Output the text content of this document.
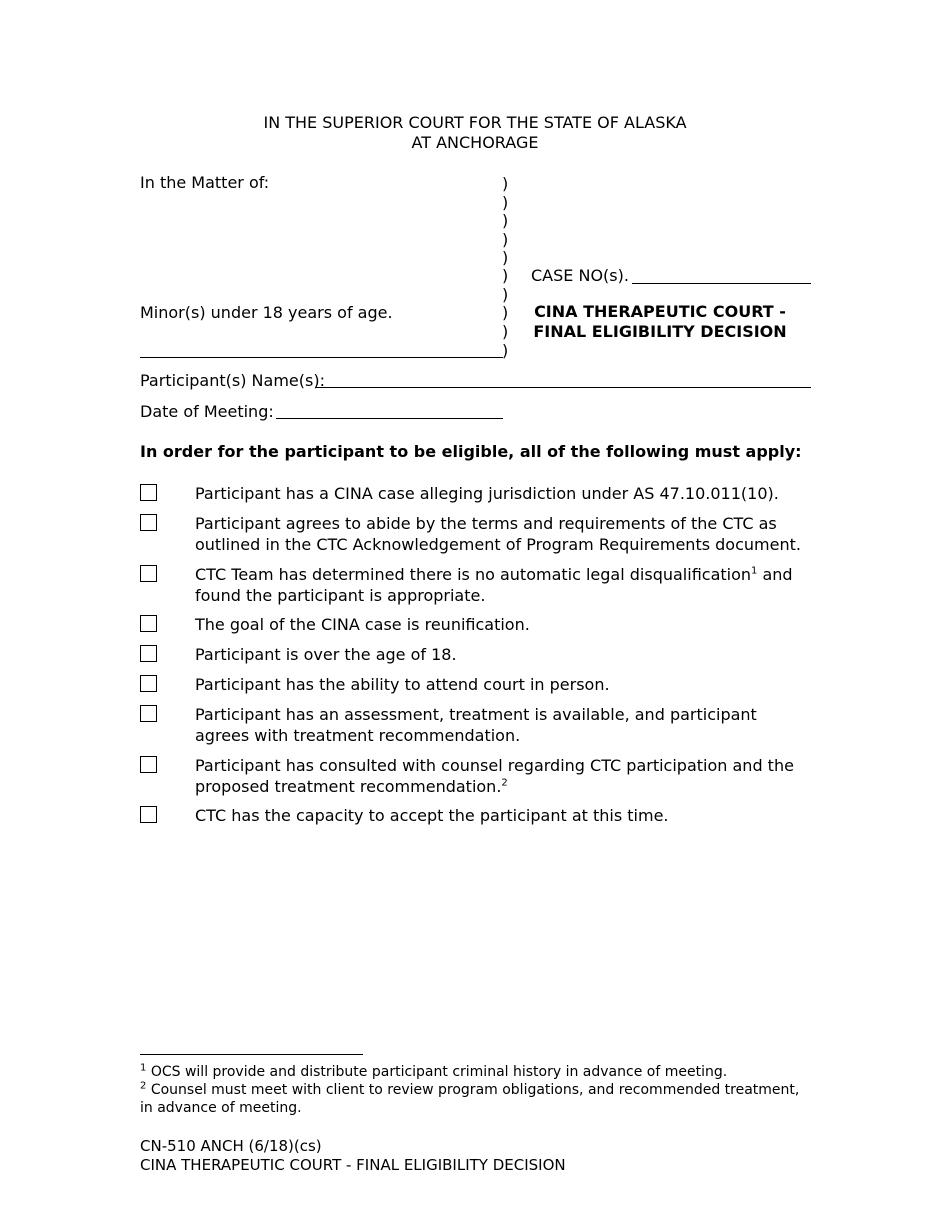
IN THE SUPERIOR COURT FOR THE STATE OF ALASKA
AT ANCHORAGE
In the Matter of:
Minor(s) under 18 years of age.
)
)
)
)
)
)
)
)
)
)
CASE NO(s).
CINA THERAPEUTIC COURT -
FINAL ELIGIBILITY DECISION
Participant(s) Name(s):
Date of Meeting:
In order for the participant to be eligible, all of the following must apply:
Participant has a CINA case alleging jurisdiction under AS 47.10.011(10).
Participant agrees to abide by the terms and requirements of the CTC as outlined in the CTC Acknowledgement of Program Requirements document.
CTC Team has determined there is no automatic legal disqualification$^1$ and found the participant is appropriate.
The goal of the CINA case is reunification.
Participant is over the age of 18.
Participant has the ability to attend court in person.
Participant has an assessment, treatment is available, and participant agrees with treatment recommendation.
Participant has consulted with counsel regarding CTC participation and the proposed treatment recommendation.$^2$
CTC has the capacity to accept the participant at this time.
$^1$ OCS will provide and distribute participant criminal history in advance of meeting.
$^2$ Counsel must meet with client to review program obligations, and recommended treatment, in advance of meeting.
CN-510 ANCH (6/18)(cs)
CINA THERAPEUTIC COURT - FINAL ELIGIBILITY DECISION
